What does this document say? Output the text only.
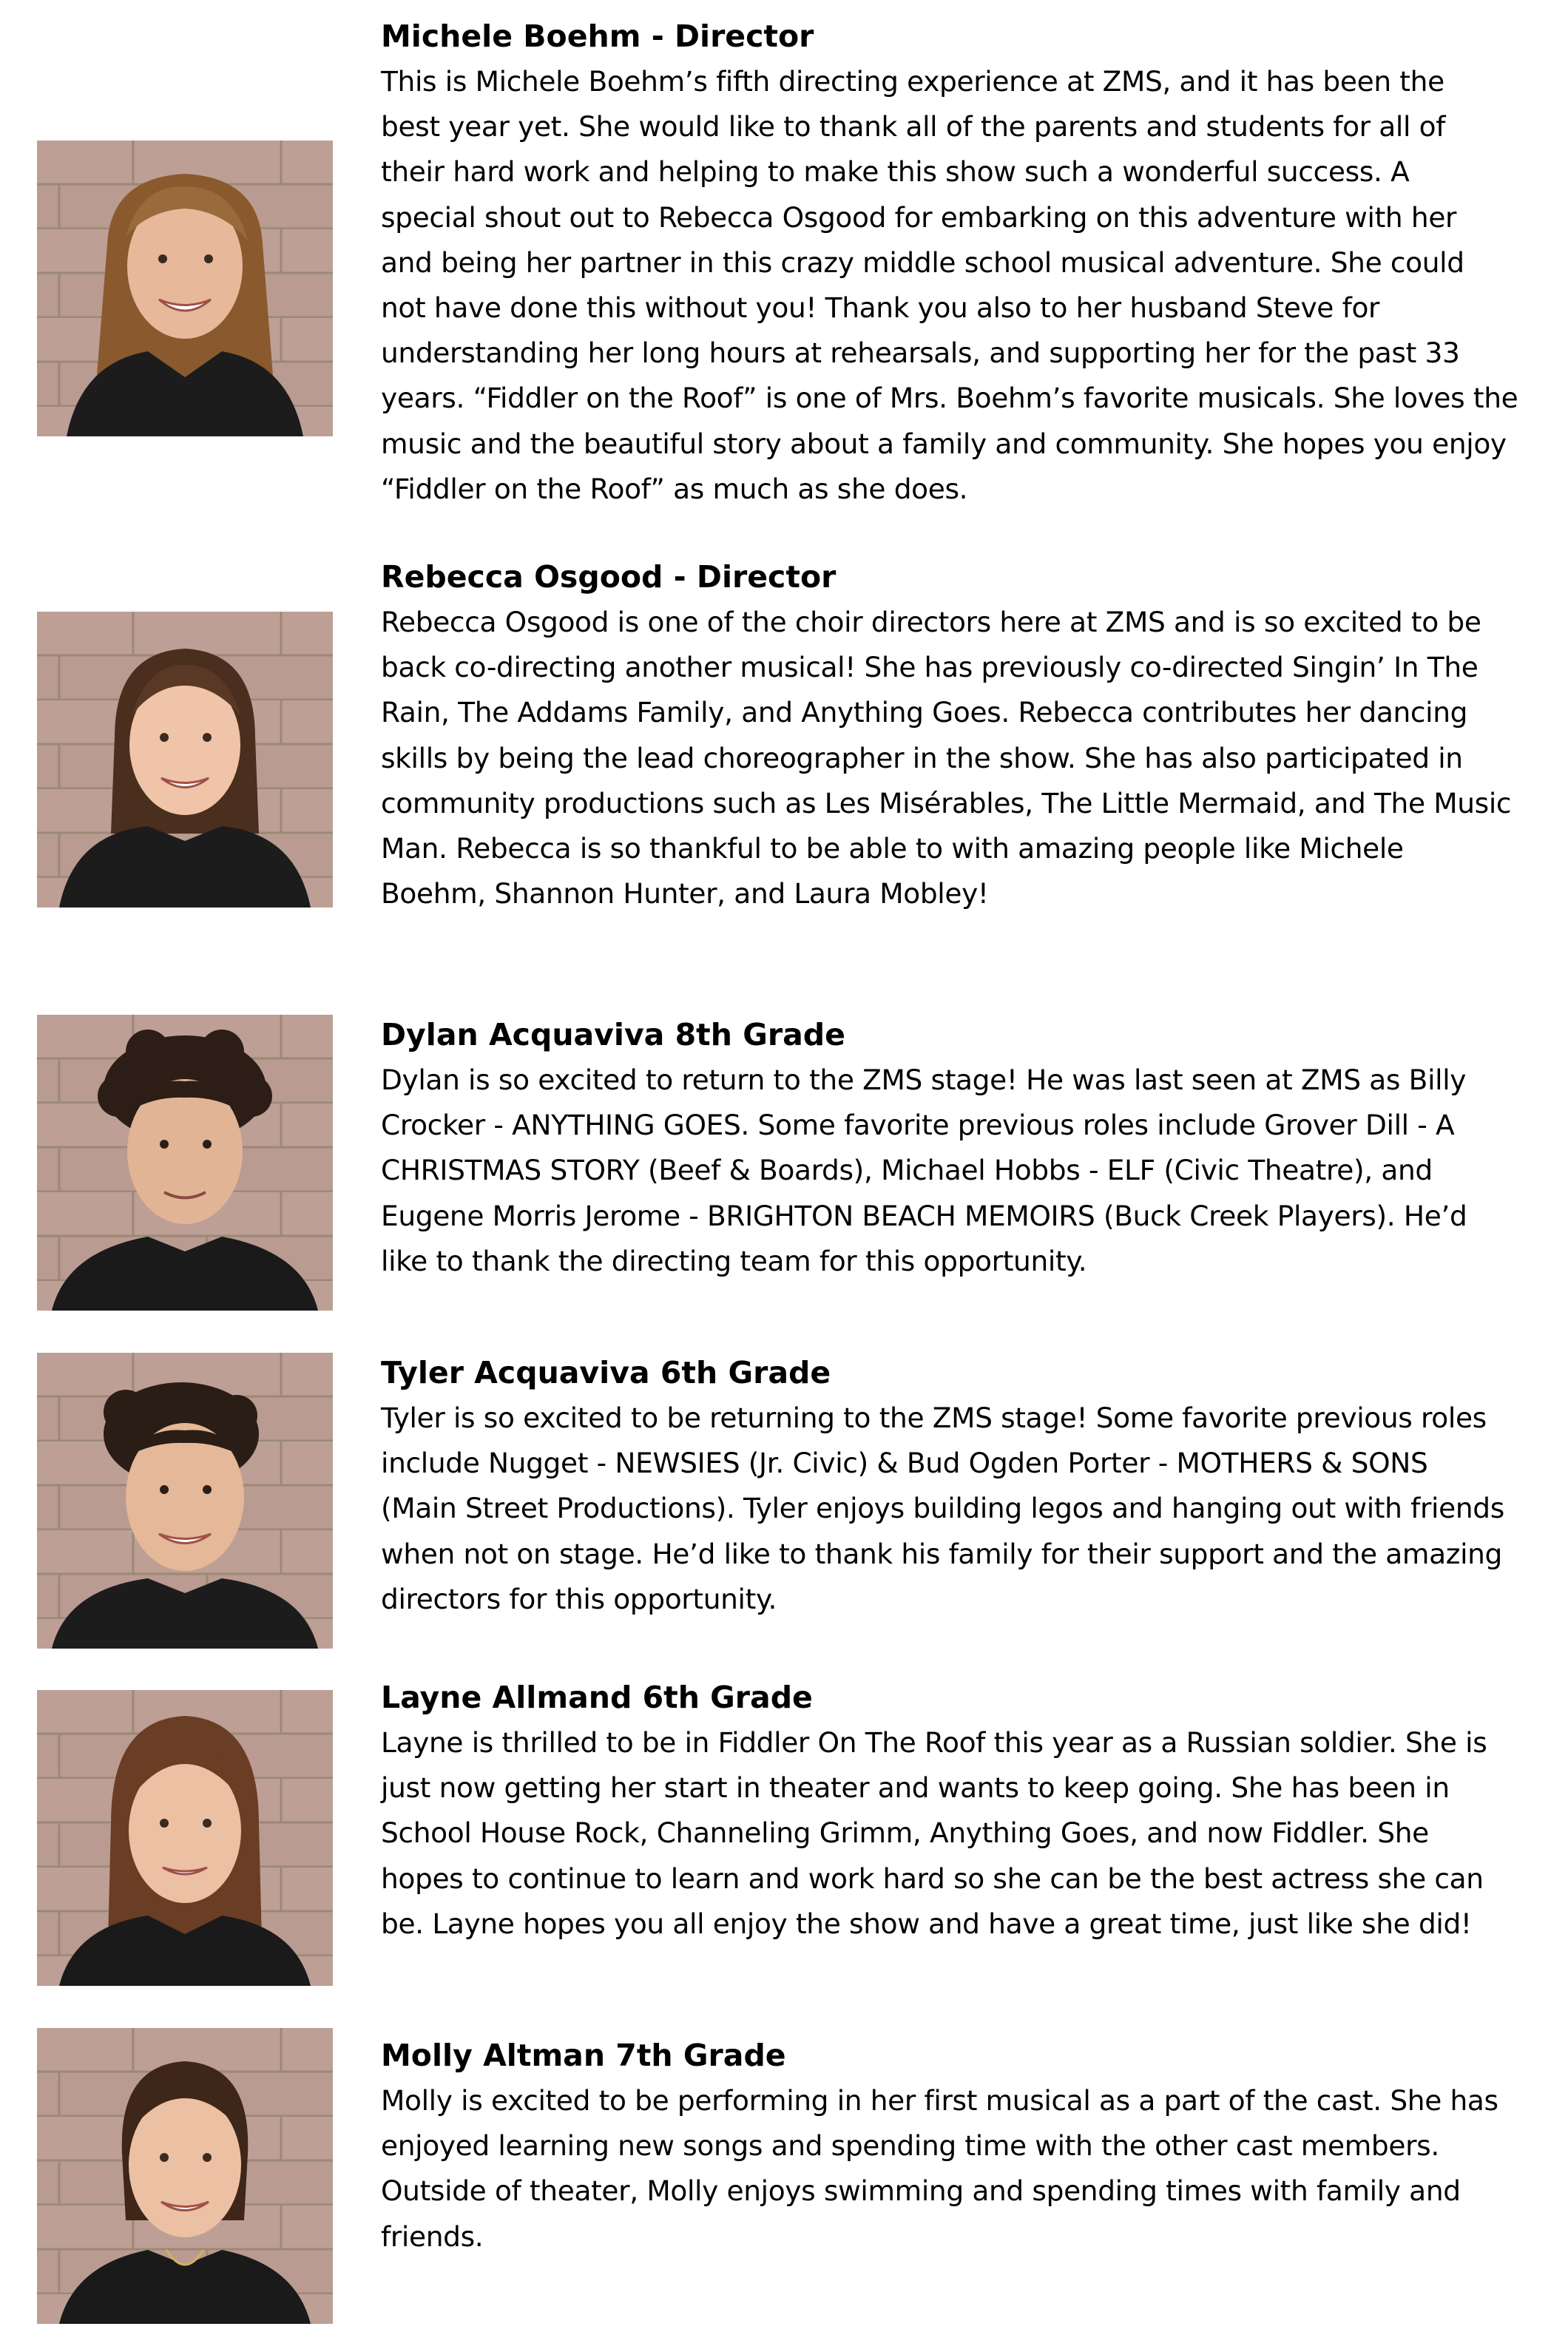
Michele Boehm - Director
This is Michele Boehm’s fifth directing experience at ZMS, and it has been the
best year yet. She would like to thank all of the parents and students for all of
their hard work and helping to make this show such a wonderful success. A
special shout out to Rebecca Osgood for embarking on this adventure with her
and being her partner in this crazy middle school musical adventure. She could
not have done this without you! Thank you also to her husband Steve for
understanding her long hours at rehearsals, and supporting her for the past 33
years. “Fiddler on the Roof” is one of Mrs. Boehm’s favorite musicals. She loves the
music and the beautiful story about a family and community. She hopes you enjoy
“Fiddler on the Roof” as much as she does.
Rebecca Osgood - Director
Rebecca Osgood is one of the choir directors here at ZMS and is so excited to be
back co-directing another musical! She has previously co-directed Singin’ In The
Rain, The Addams Family, and Anything Goes. Rebecca contributes her dancing
skills by being the lead choreographer in the show. She has also participated in
community productions such as Les Misérables, The Little Mermaid, and The Music
Man. Rebecca is so thankful to be able to with amazing people like Michele
Boehm, Shannon Hunter, and Laura Mobley!
Dylan Acquaviva 8th Grade
Dylan is so excited to return to the ZMS stage! He was last seen at ZMS as Billy
Crocker - ANYTHING GOES. Some favorite previous roles include Grover Dill - A
CHRISTMAS STORY (Beef & Boards), Michael Hobbs - ELF (Civic Theatre), and
Eugene Morris Jerome - BRIGHTON BEACH MEMOIRS (Buck Creek Players). He’d
like to thank the directing team for this opportunity.
Tyler Acquaviva 6th Grade
Tyler is so excited to be returning to the ZMS stage! Some favorite previous roles
include Nugget - NEWSIES (Jr. Civic) & Bud Ogden Porter - MOTHERS & SONS
(Main Street Productions). Tyler enjoys building legos and hanging out with friends
when not on stage. He’d like to thank his family for their support and the amazing
directors for this opportunity.
Layne Allmand 6th Grade
Layne is thrilled to be in Fiddler On The Roof this year as a Russian soldier. She is
just now getting her start in theater and wants to keep going. She has been in
School House Rock, Channeling Grimm, Anything Goes, and now Fiddler. She
hopes to continue to learn and work hard so she can be the best actress she can
be. Layne hopes you all enjoy the show and have a great time, just like she did!
Molly Altman 7th Grade
Molly is excited to be performing in her first musical as a part of the cast. She has
enjoyed learning new songs and spending time with the other cast members.
Outside of theater, Molly enjoys swimming and spending times with family and
friends.
